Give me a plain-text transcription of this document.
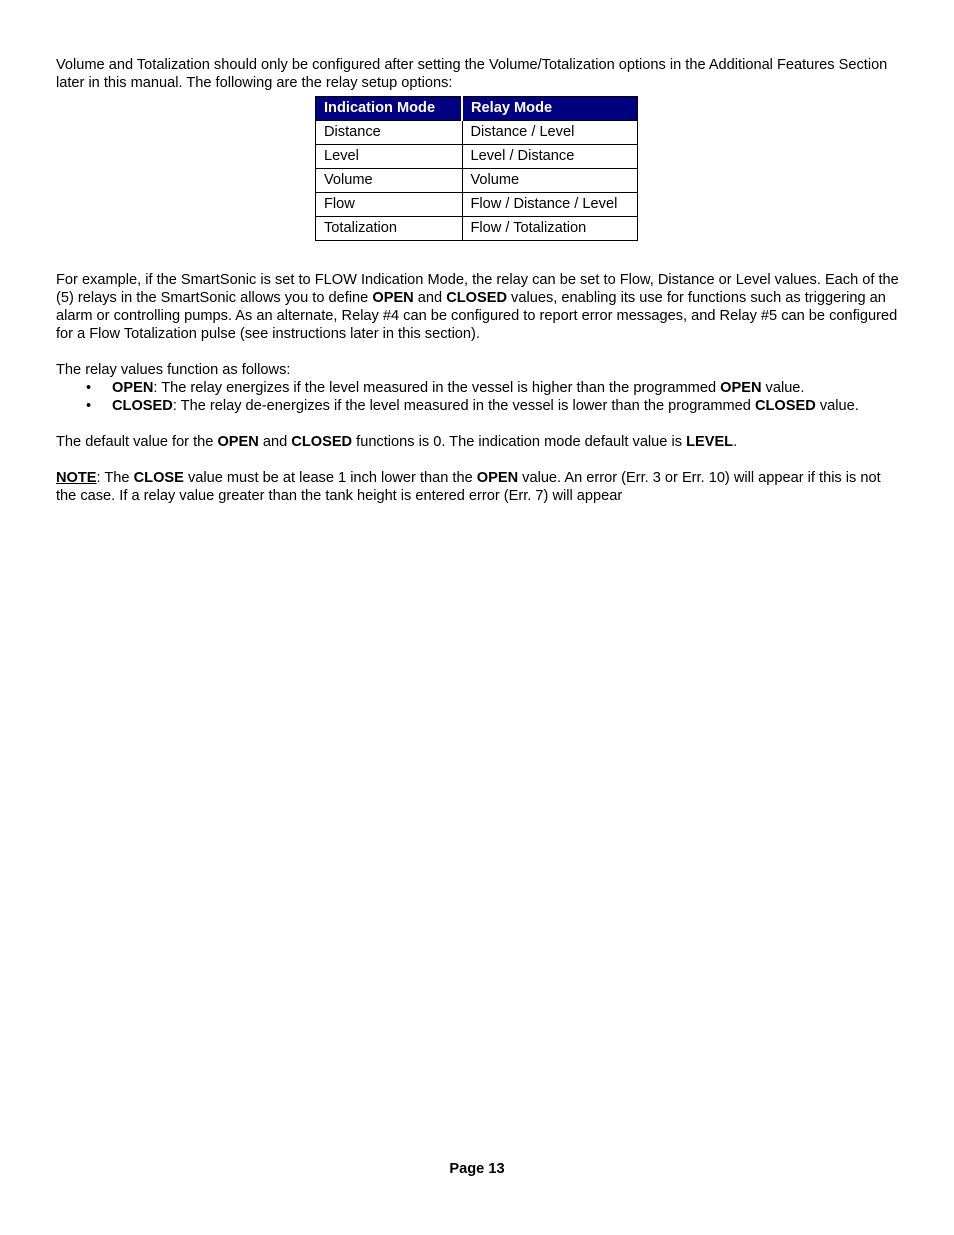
Volume and Totalization should only be configured after setting the Volume/Totalization options in the Additional Features Section later in this manual. The following are the relay setup options:

Indication Mode	Relay Mode
Distance	Distance / Level
Level	Level / Distance
Volume	Volume
Flow	Flow / Distance / Level
Totalization	Flow / Totalization

For example, if the SmartSonic is set to FLOW Indication Mode, the relay can be set to Flow, Distance or Level values. Each of the (5) relays in the SmartSonic allows you to define OPEN and CLOSED values, enabling its use for functions such as triggering an alarm or controlling pumps. As an alternate, Relay #4 can be configured to report error messages, and Relay #5 can be configured for a Flow Totalization pulse (see instructions later in this section).

The relay values function as follows:

• OPEN: The relay energizes if the level measured in the vessel is higher than the programmed OPEN value.
• CLOSED: The relay de-energizes if the level measured in the vessel is lower than the programmed CLOSED value.

The default value for the OPEN and CLOSED functions is 0. The indication mode default value is LEVEL.

NOTE: The CLOSE value must be at lease 1 inch lower than the OPEN value. An error (Err. 3 or Err. 10) will appear if this is not the case. If a relay value greater than the tank height is entered error (Err. 7) will appear

Page 13
